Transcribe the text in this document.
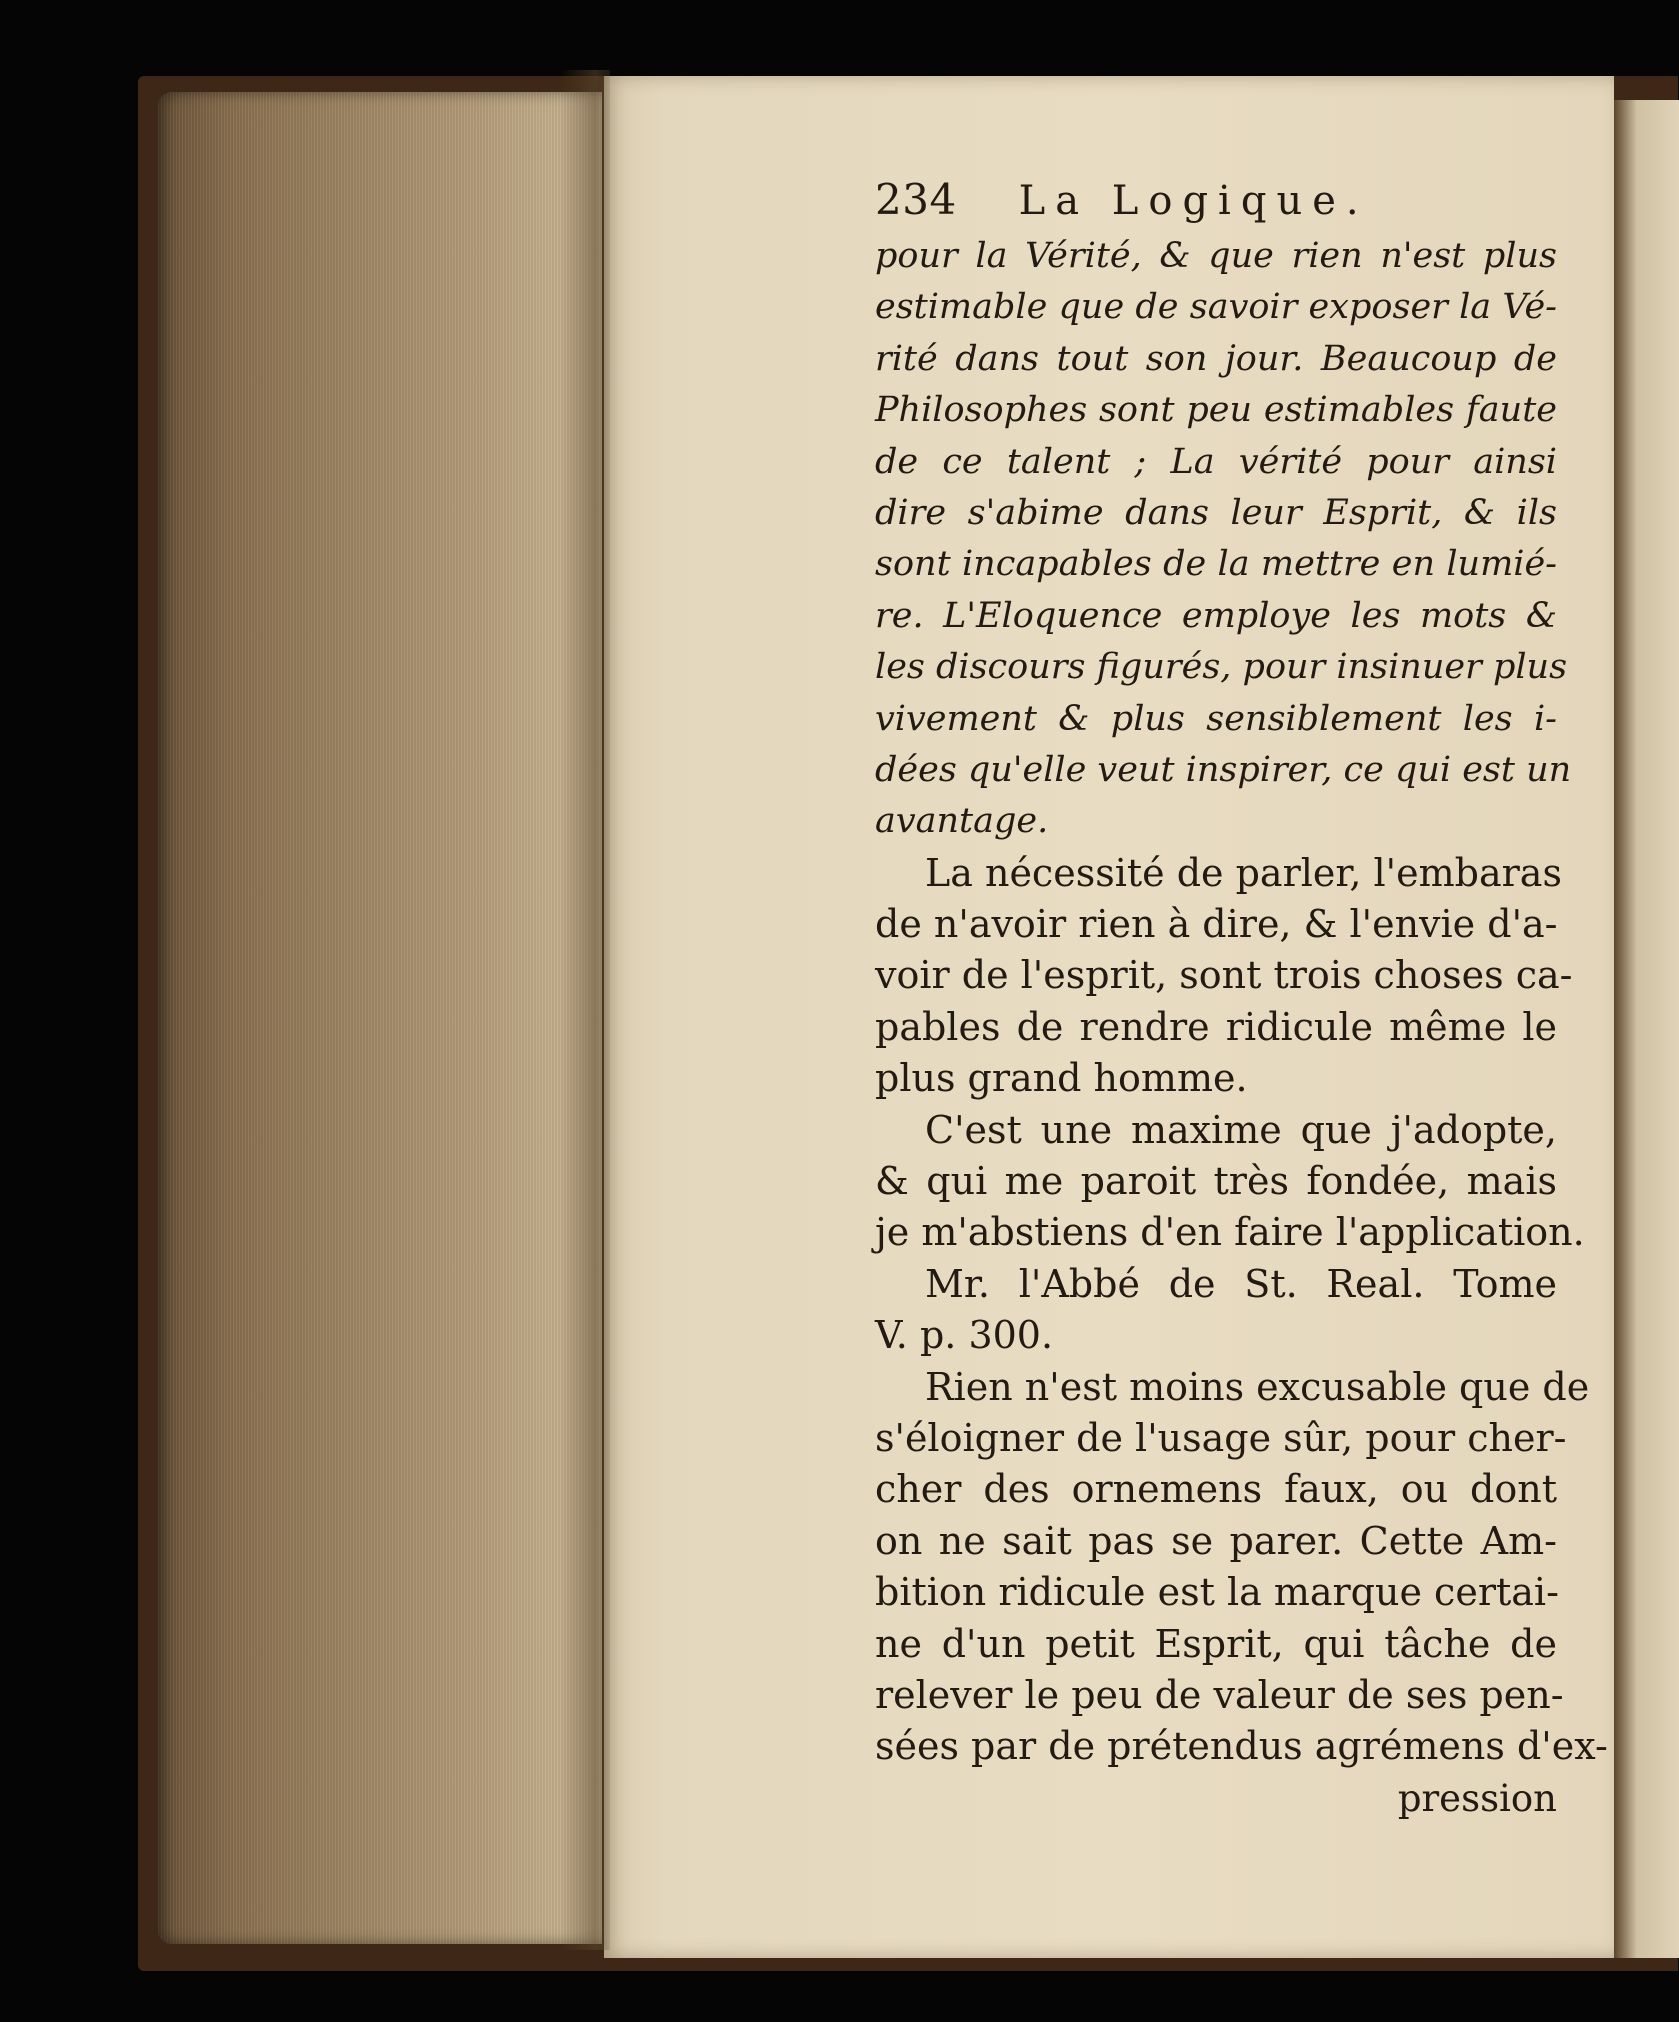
234 La Logique.
pour la Vérité, & que rien n'est plus
estimable que de savoir exposer la Vé-
rité dans tout son jour. Beaucoup de
Philosophes sont peu estimables faute
de ce talent ; La vérité pour ainsi
dire s'abime dans leur Esprit, & ils
sont incapables de la mettre en lumié-
re. L'Eloquence employe les mots &
les discours figurés, pour insinuer plus
vivement & plus sensiblement les i-
dées qu'elle veut inspirer, ce qui est un
avantage.
La nécessité de parler, l'embaras
de n'avoir rien à dire, & l'envie d'a-
voir de l'esprit, sont trois choses ca-
pables de rendre ridicule même le
plus grand homme.
C'est une maxime que j'adopte,
& qui me paroit très fondée, mais
je m'abstiens d'en faire l'application.
Mr. l'Abbé de St. Real. Tome
V. p. 300.
Rien n'est moins excusable que de
s'éloigner de l'usage sûr, pour cher-
cher des ornemens faux, ou dont
on ne sait pas se parer. Cette Am-
bition ridicule est la marque certai-
ne d'un petit Esprit, qui tâche de
relever le peu de valeur de ses pen-
sées par de prétendus agrémens d'ex-
pression
